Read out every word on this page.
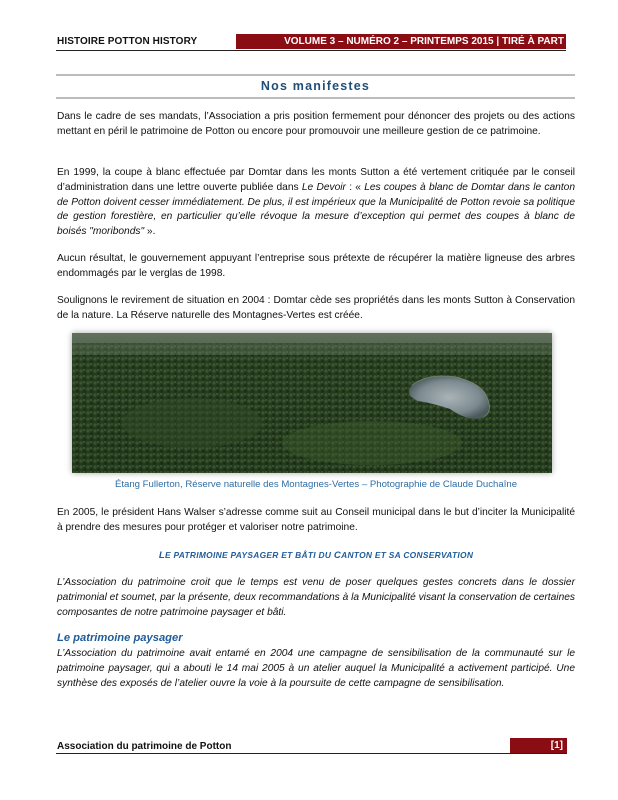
HISTOIRE POTTON HISTORY	VOLUME 3 – NUMÉRO 2 – PRINTEMPS 2015 | TIRÉ À PART
Nos manifestes

Dans le cadre de ses mandats, l’Association a pris position fermement pour dénoncer des projets ou des actions mettant en péril le patrimoine de Potton ou encore pour promouvoir une meilleure gestion de ce patrimoine.

En 1999, la coupe à blanc effectuée par Domtar dans les monts Sutton a été vertement critiquée par le conseil d’administration dans une lettre ouverte publiée dans Le Devoir : « Les coupes à blanc de Domtar dans le canton de Potton doivent cesser immédiatement. De plus, il est impérieux que la Municipalité de Potton revoie sa politique de gestion forestière, en particulier qu’elle révoque la mesure d’exception qui permet des coupes à blanc de boisés "moribonds" ».

Aucun résultat, le gouvernement appuyant l’entreprise sous prétexte de récupérer la matière ligneuse des arbres endommagés par le verglas de 1998.

Soulignons le revirement de situation en 2004 : Domtar cède ses propriétés dans les monts Sutton à Conservation de la nature. La Réserve naturelle des Montagnes-Vertes est créée.

Étang Fullerton, Réserve naturelle des Montagnes-Vertes – Photographie de Claude Duchaîne

En 2005, le président Hans Walser s’adresse comme suit au Conseil municipal dans le but d’inciter la Municipalité à prendre des mesures pour protéger et valoriser notre patrimoine.

LE PATRIMOINE PAYSAGER ET BÂTI DU CANTON ET SA CONSERVATION

L’Association du patrimoine croit que le temps est venu de poser quelques gestes concrets dans le dossier patrimonial et soumet, par la présente, deux recommandations à la Municipalité visant la conservation de certaines composantes de notre patrimoine paysager et bâti.

Le patrimoine paysager

L’Association du patrimoine avait entamé en 2004 une campagne de sensibilisation de la communauté sur le patrimoine paysager, qui a abouti le 14 mai 2005 à un atelier auquel la Municipalité a activement participé. Une synthèse des exposés de l’atelier ouvre la voie à la poursuite de cette campagne de sensibilisation.

Association du patrimoine de Potton	[1]
